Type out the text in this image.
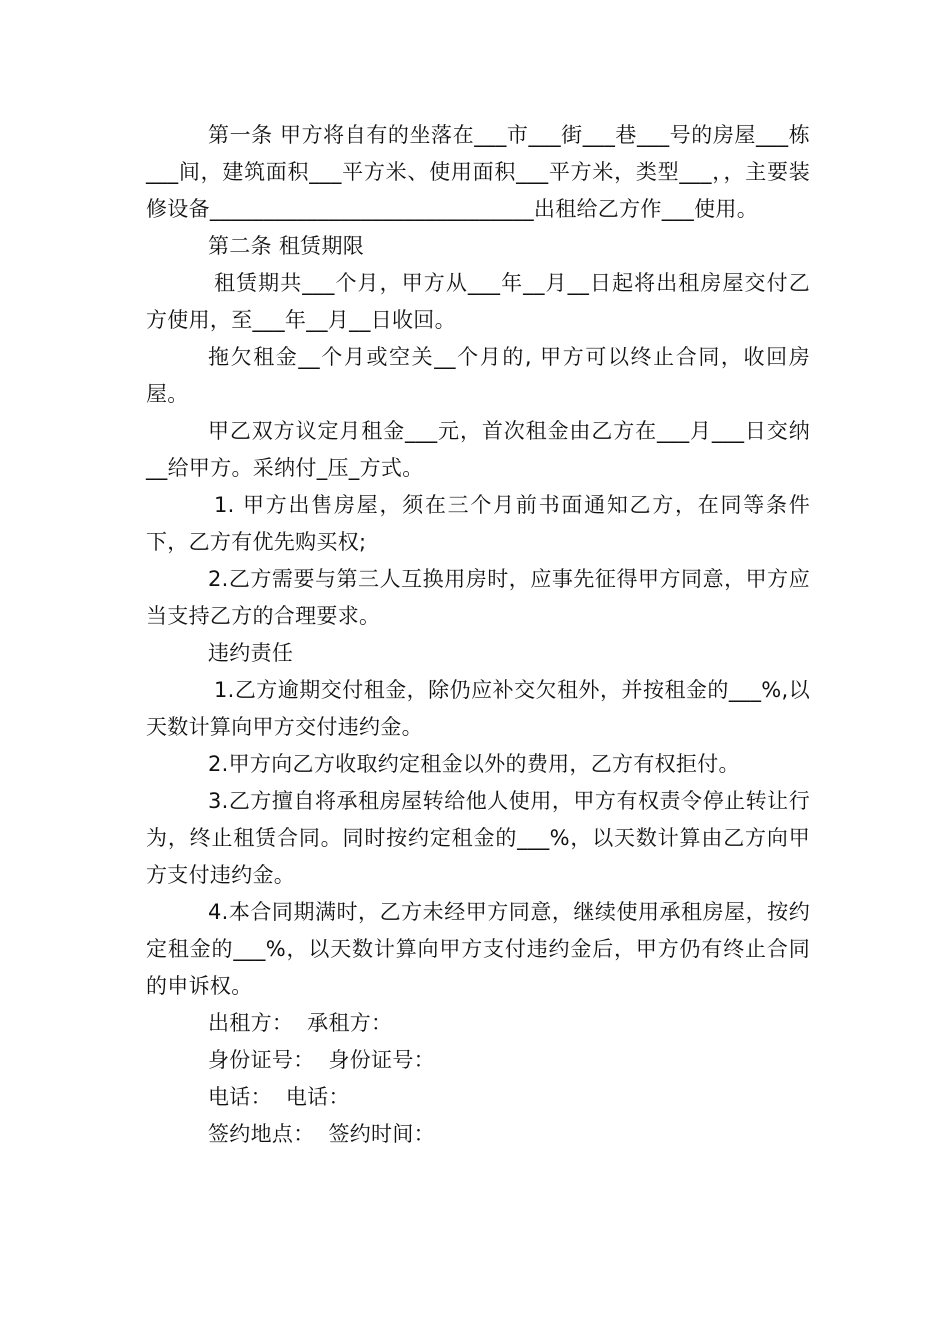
第一条 甲方将自有的坐落在___市___街___巷___号的房屋___栋___间，建筑面积___平方米、使用面积___平方米，类型___，，主要装修设备______________________________出租给乙方作___使用。

第二条 租赁期限

租赁期共___个月，甲方从___年__月__日起将出租房屋交付乙方使用，至___年__月__日收回。

拖欠租金__个月或空关__个月的, 甲方可以终止合同，收回房屋。

甲乙双方议定月租金___元，首次租金由乙方在___月___日交纳__给甲方。采纳付_压_方式。

1. 甲方出售房屋，须在三个月前书面通知乙方，在同等条件下，乙方有优先购买权;

2.乙方需要与第三人互换用房时，应事先征得甲方同意，甲方应当支持乙方的合理要求。

违约责任

1.乙方逾期交付租金，除仍应补交欠租外，并按租金的___%,以天数计算向甲方交付违约金。

2.甲方向乙方收取约定租金以外的费用，乙方有权拒付。

3.乙方擅自将承租房屋转给他人使用，甲方有权责令停止转让行为，终止租赁合同。同时按约定租金的___%，以天数计算由乙方向甲方支付违约金。

4.本合同期满时，乙方未经甲方同意，继续使用承租房屋，按约定租金的___%，以天数计算向甲方支付违约金后，甲方仍有终止合同的申诉权。

出租方：  承租方：

身份证号：  身份证号：

电话：  电话：

签约地点：  签约时间：
